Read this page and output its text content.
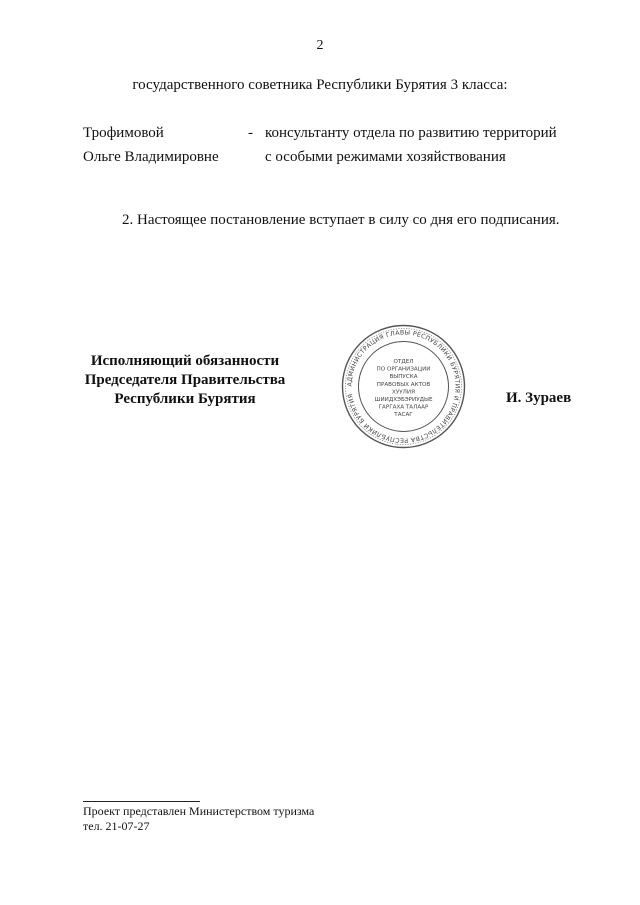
2
государственного советника Республики Бурятия 3 класса:
Трофимовой	- консультанту отдела по развитию территорий
Ольге Владимировне	с особыми режимами хозяйствования
2. Настоящее постановление вступает в силу со дня его подписания.
Исполняющий обязанности
Председателя Правительства
Республики Бурятия
АДМИНИСТРАЦИЯ ГЛАВЫ РЕСПУБЛИКИ БУРЯТИЯ И ПРАВИТЕЛЬСТВА РЕСПУБЛИКИ БУРЯТИЯ
ОТДЕЛ
ПО ОРГАНИЗАЦИИ
ВЫПУСКА
ПРАВОВЫХ АКТОВ
ХУУЛИЯ
ШИИДХЭБЭРИУДЫЕ
ГАРГАХА ТАЛААР
ТАСАГ
И. Зураев
Проект представлен Министерством туризма
тел. 21-07-27
